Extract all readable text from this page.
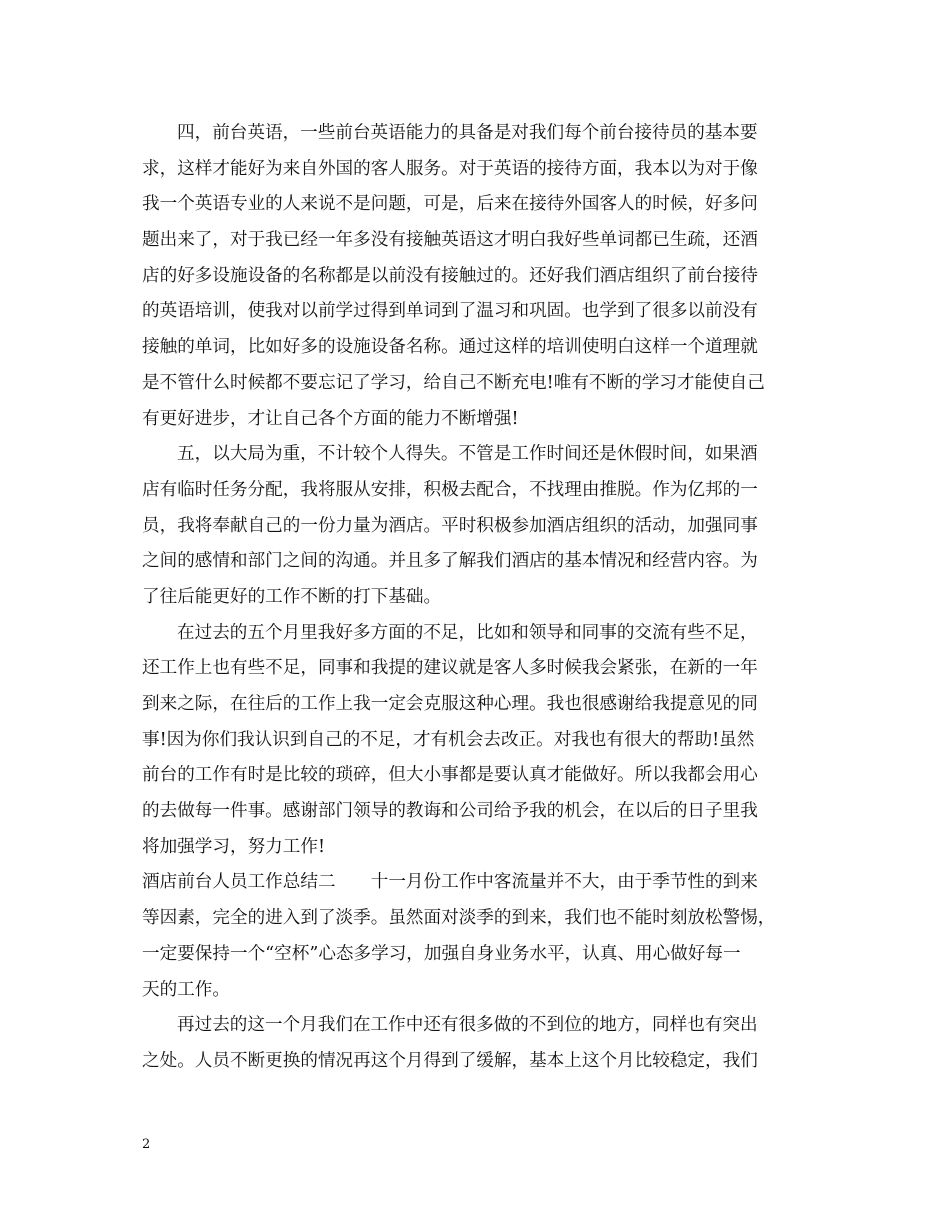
四，前台英语，一些前台英语能力的具备是对我们每个前台接待员的基本要
求，这样才能好为来自外国的客人服务。对于英语的接待方面，我本以为对于像
我一个英语专业的人来说不是问题，可是，后来在接待外国客人的时候，好多问
题出来了，对于我已经一年多没有接触英语这才明白我好些单词都已生疏，还酒
店的好多设施设备的名称都是以前没有接触过的。还好我们酒店组织了前台接待
的英语培训，使我对以前学过得到单词到了温习和巩固。也学到了很多以前没有
接触的单词，比如好多的设施设备名称。通过这样的培训使明白这样一个道理就
是不管什么时候都不要忘记了学习，给自己不断充电!唯有不断的学习才能使自己
有更好进步，才让自己各个方面的能力不断增强!
五，以大局为重，不计较个人得失。不管是工作时间还是休假时间，如果酒
店有临时任务分配，我将服从安排，积极去配合，不找理由推脱。作为亿邦的一
员，我将奉献自己的一份力量为酒店。平时积极参加酒店组织的活动，加强同事
之间的感情和部门之间的沟通。并且多了解我们酒店的基本情况和经营内容。为
了往后能更好的工作不断的打下基础。
在过去的五个月里我好多方面的不足，比如和领导和同事的交流有些不足，
还工作上也有些不足，同事和我提的建议就是客人多时候我会紧张，在新的一年
到来之际，在往后的工作上我一定会克服这种心理。我也很感谢给我提意见的同
事!因为你们我认识到自己的不足，才有机会去改正。对我也有很大的帮助!虽然
前台的工作有时是比较的琐碎，但大小事都是要认真才能做好。所以我都会用心
的去做每一件事。感谢部门领导的教诲和公司给予我的机会，在以后的日子里我
将加强学习，努力工作!
酒店前台人员工作总结二　　十一月份工作中客流量并不大，由于季节性的到来
等因素，完全的进入到了淡季。虽然面对淡季的到来，我们也不能时刻放松警惕，
一定要保持一个“空杯”心态多学习，加强自身业务水平，认真、用心做好每一
天的工作。
再过去的这一个月我们在工作中还有很多做的不到位的地方，同样也有突出
之处。人员不断更换的情况再这个月得到了缓解，基本上这个月比较稳定，我们
2
